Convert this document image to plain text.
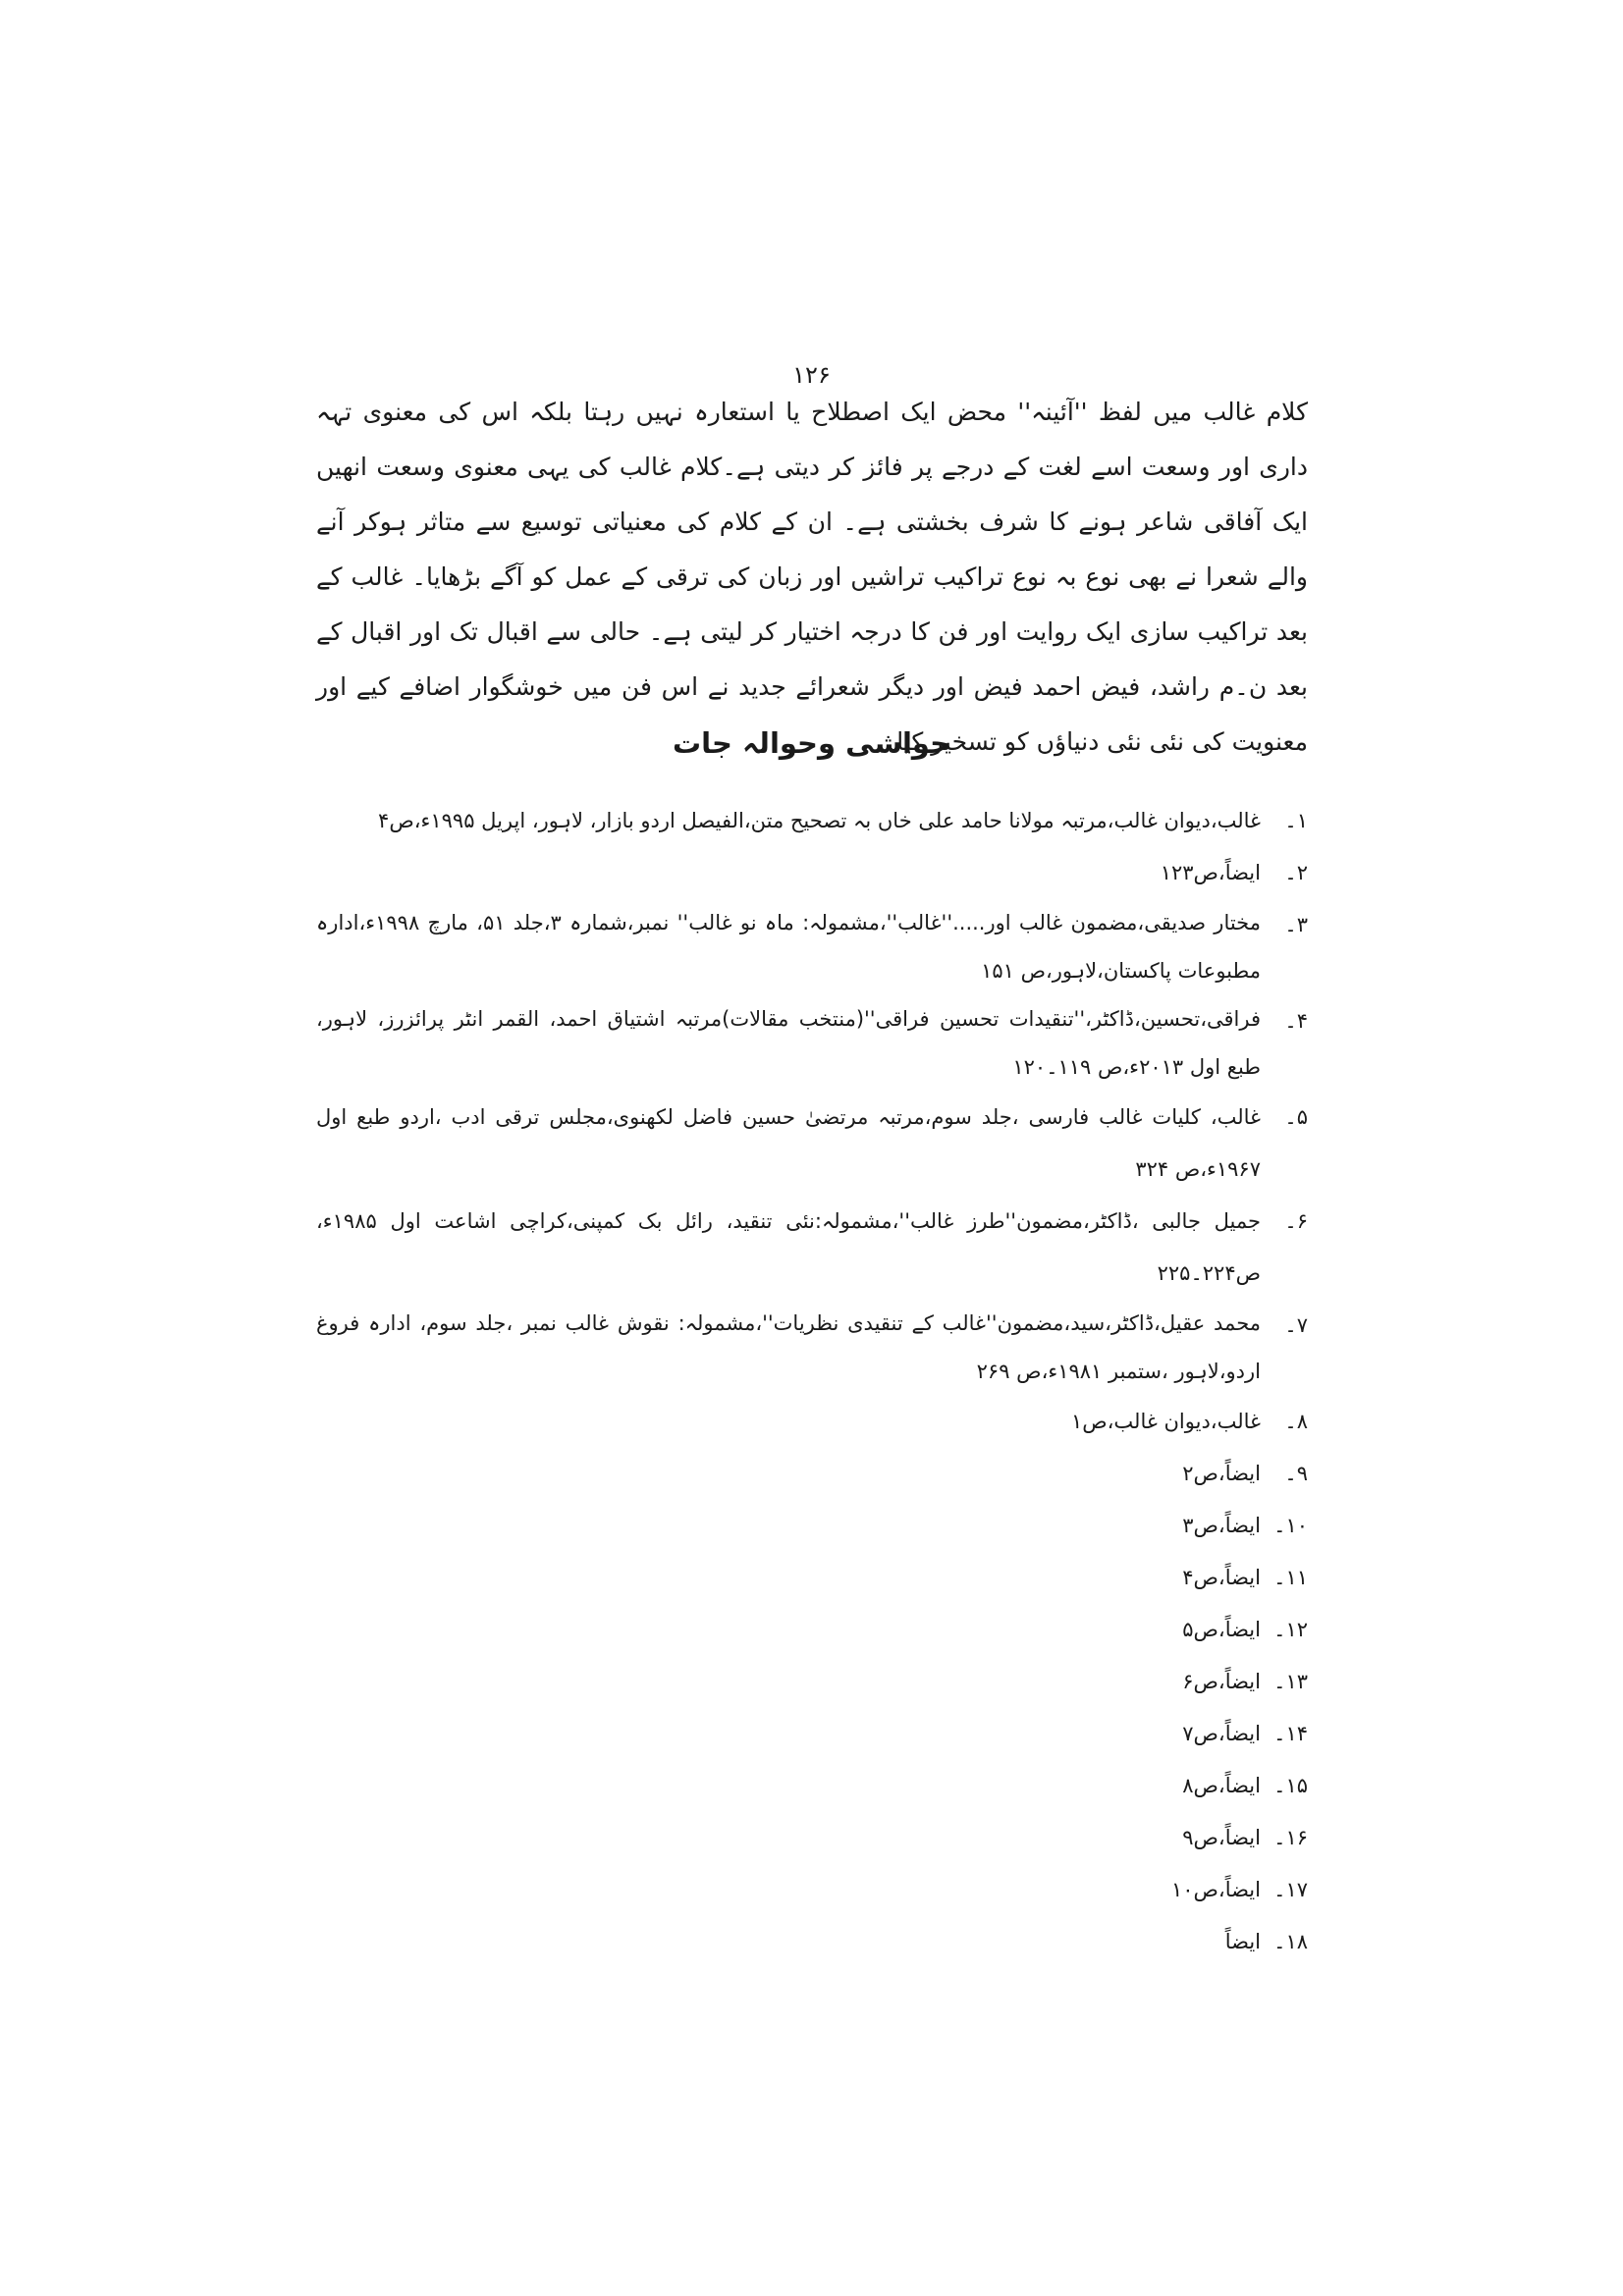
۱۲۶

کلام غالب میں لفظ ''آئینہ'' محض ایک اصطلاح یا استعارہ نہیں رہتا بلکہ اس کی معنوی تہہ داری اور وسعت اسے لغت کے درجے پر فائز کر دیتی ہے۔کلام غالب کی یہی معنوی وسعت انھیں ایک آفاقی شاعر ہونے کا شرف بخشتی ہے۔ ان کے کلام کی معنیاتی توسیع سے متاثر ہوکر آنے والے شعرا نے بھی نوع بہ نوع تراکیب تراشیں اور زبان کی ترقی کے عمل کو آگے بڑھایا۔ غالب کے بعد تراکیب سازی ایک روایت اور فن کا درجہ اختیار کر لیتی ہے۔ حالی سے اقبال تک اور اقبال کے بعد ن۔م راشد، فیض احمد فیض اور دیگر شعرائے جدید نے اس فن میں خوشگوار اضافے کیے اور معنویت کی نئی نئی دنیاؤں کو تسخیر کیا۔

حواشی وحوالہ جات
۱۔
غالب،دیوان غالب،مرتبہ مولانا حامد علی خاں بہ تصحیح متن،الفیصل اردو بازار، لاہور، اپریل ۱۹۹۵ء،ص۴
۲۔
ایضاً،ص۱۲۳
۳۔
مختار صدیقی،مضمون غالب اور.....''غالب''،مشمولہ: ماہ نو غالب'' نمبر،شمارہ ۳،جلد ۵۱، مارچ ۱۹۹۸ء،ادارہ مطبوعات پاکستان،لاہور،ص ۱۵۱
۴۔
فراقی،تحسین،ڈاکٹر،''تنقیدات تحسین فراقی''(منتخب مقالات)مرتبہ اشتیاق احمد، القمر انٹر پرائزرز، لاہور، طبع اول ۲۰۱۳ء،ص ۱۱۹۔۱۲۰
۵۔
غالب، کلیات غالب فارسی ،جلد سوم،مرتبہ مرتضیٰ حسین فاضل لکھنوی،مجلس ترقی ادب ،اردو طبع اول ۱۹۶۷ء،ص ۳۲۴
۶۔
جمیل جالبی ،ڈاکٹر،مضمون''طرز غالب''،مشمولہ:نئی تنقید، رائل بک کمپنی،کراچی اشاعت اول ۱۹۸۵ء، ص۲۲۴۔۲۲۵
۷۔
محمد عقیل،ڈاکٹر،سید،مضمون''غالب کے تنقیدی نظریات''،مشمولہ: نقوش غالب نمبر ،جلد سوم، ادارہ فروغ اردو،لاہور ،ستمبر ۱۹۸۱ء،ص ۲۶۹
۸۔
غالب،دیوان غالب،ص۱
۹۔
ایضاً،ص۲
۱۰۔
ایضاً،ص۳
۱۱۔
ایضاً،ص۴
۱۲۔
ایضاً،ص۵
۱۳۔
ایضاً،ص۶
۱۴۔
ایضاً،ص۷
۱۵۔
ایضاً،ص۸
۱۶۔
ایضاً،ص۹
۱۷۔
ایضاً،ص۱۰
۱۸۔
ایضاً
